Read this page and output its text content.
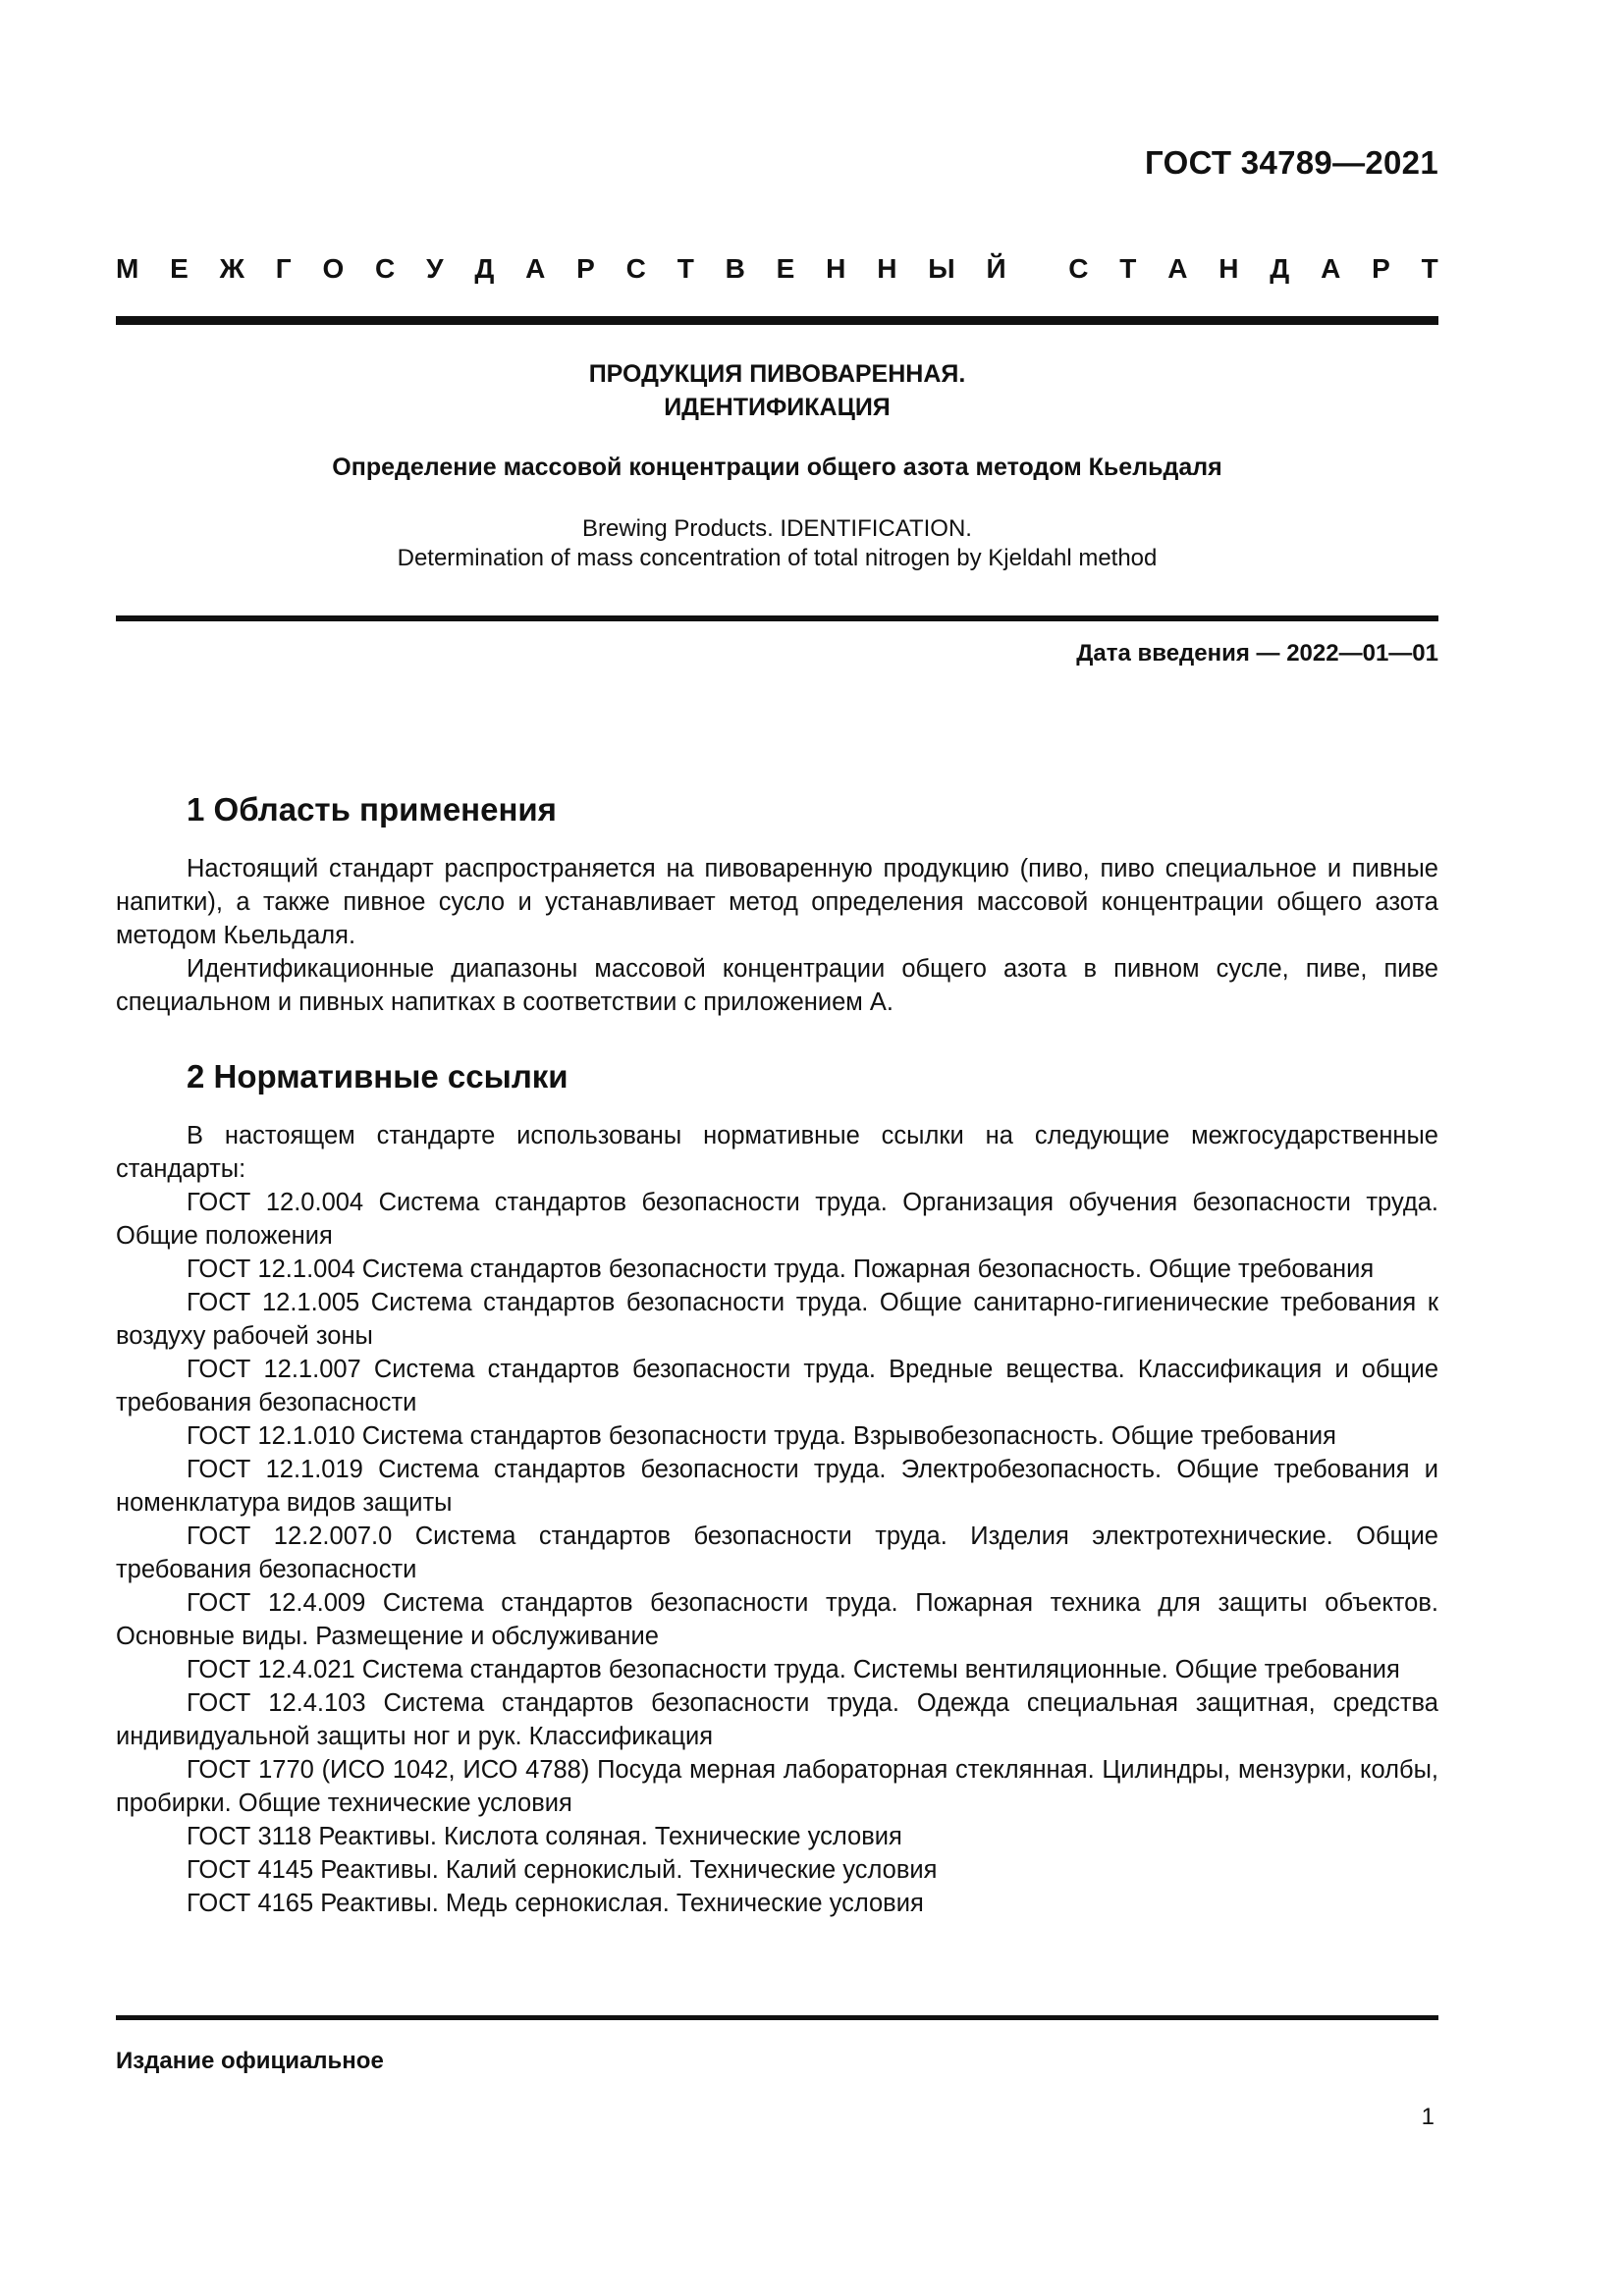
ГОСТ 34789—2021
М Е Ж Г О С У Д А Р С Т В Е Н Н Ы Й С Т А Н Д А Р Т
ПРОДУКЦИЯ ПИВОВАРЕННАЯ.
ИДЕНТИФИКАЦИЯ
Определение массовой концентрации общего азота методом Кьельдаля
Brewing Products. IDENTIFICATION.
Determination of mass concentration of total nitrogen by Kjeldahl method
Дата введения — 2022—01—01
1 Область применения

Настоящий стандарт распространяется на пивоваренную продукцию (пиво, пиво специальное и пивные напитки), а также пивное сусло и устанавливает метод определения массовой концентрации общего азота методом Кьельдаля.

Идентификационные диапазоны массовой концентрации общего азота в пивном сусле, пиве, пиве специальном и пивных напитках в соответствии с приложением А.

2 Нормативные ссылки

В настоящем стандарте использованы нормативные ссылки на следующие межгосударственные стандарты:

ГОСТ 12.0.004 Система стандартов безопасности труда. Организация обучения безопасности труда. Общие положения

ГОСТ 12.1.004 Система стандартов безопасности труда. Пожарная безопасность. Общие требования

ГОСТ 12.1.005 Система стандартов безопасности труда. Общие санитарно-гигиенические требования к воздуху рабочей зоны

ГОСТ 12.1.007 Система стандартов безопасности труда. Вредные вещества. Классификация и общие требования безопасности

ГОСТ 12.1.010 Система стандартов безопасности труда. Взрывобезопасность. Общие требования

ГОСТ 12.1.019 Система стандартов безопасности труда. Электробезопасность. Общие требования и номенклатура видов защиты

ГОСТ 12.2.007.0 Система стандартов безопасности труда. Изделия электротехнические. Общие требования безопасности

ГОСТ 12.4.009 Система стандартов безопасности труда. Пожарная техника для защиты объектов. Основные виды. Размещение и обслуживание

ГОСТ 12.4.021 Система стандартов безопасности труда. Системы вентиляционные. Общие требования

ГОСТ 12.4.103 Система стандартов безопасности труда. Одежда специальная защитная, средства индивидуальной защиты ног и рук. Классификация

ГОСТ 1770 (ИСО 1042, ИСО 4788) Посуда мерная лабораторная стеклянная. Цилиндры, мензурки, колбы, пробирки. Общие технические условия

ГОСТ 3118 Реактивы. Кислота соляная. Технические условия

ГОСТ 4145 Реактивы. Калий сернокислый. Технические условия

ГОСТ 4165 Реактивы. Медь сернокислая. Технические условия

Издание официальное
1
